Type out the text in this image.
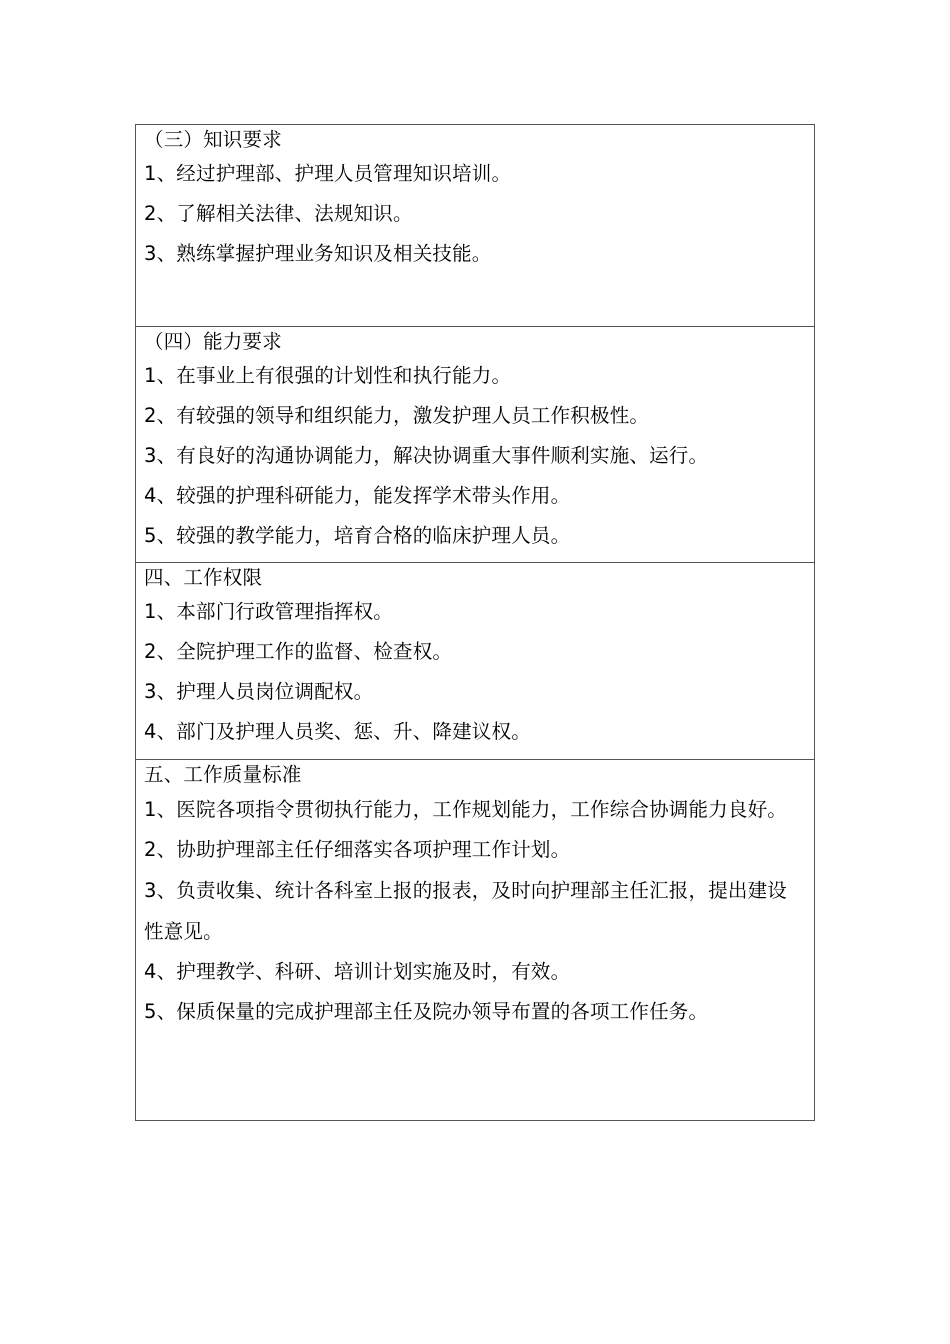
（三）知识要求
1、经过护理部、护理人员管理知识培训。
2、了解相关法律、法规知识。
3、熟练掌握护理业务知识及相关技能。
（四）能力要求
1、在事业上有很强的计划性和执行能力。
2、有较强的领导和组织能力，激发护理人员工作积极性。
3、有良好的沟通协调能力，解决协调重大事件顺利实施、运行。
4、较强的护理科研能力，能发挥学术带头作用。
5、较强的教学能力，培育合格的临床护理人员。
四、工作权限
1、本部门行政管理指挥权。
2、全院护理工作的监督、检查权。
3、护理人员岗位调配权。
4、部门及护理人员奖、惩、升、降建议权。
五、工作质量标准
1、医院各项指令贯彻执行能力，工作规划能力，工作综合协调能力良好。
2、协助护理部主任仔细落实各项护理工作计划。
3、负责收集、统计各科室上报的报表，及时向护理部主任汇报，提出建设性意见。
4、护理教学、科研、培训计划实施及时，有效。
5、保质保量的完成护理部主任及院办领导布置的各项工作任务。
